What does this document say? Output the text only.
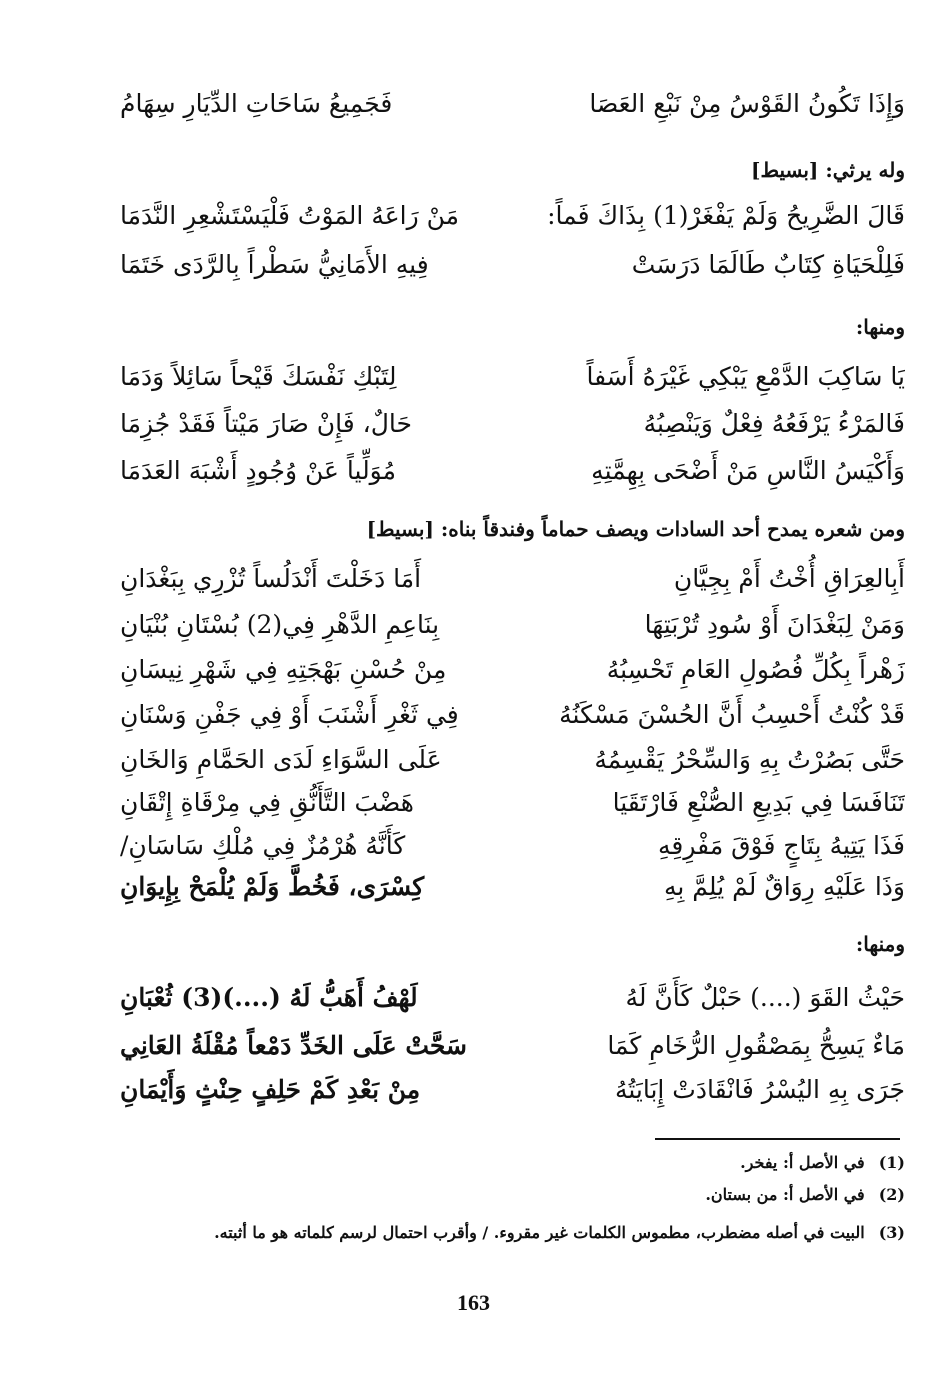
وَإِذَا تَكُونُ القَوْسُ مِنْ نَبْعِ العَصَا
فَجَمِيعُ سَاحَاتِ الدِّيَارِ سِهَامُ
وله يرثي: [بسيط]
قَالَ الضَّرِيحُ وَلَمْ يَفْغَرْ(1) بِذَاكَ فَماً:
مَنْ رَاعَهُ المَوْتُ فَلْيَسْتَشْعِرِ النَّدَمَا
فَلِلْحَيَاةِ كِتَابٌ طَالَمَا دَرَسَتْ
فِيهِ الأَمَانِيُّ سَطْراً بِالرَّدَى خَتَمَا
ومنها:
يَا سَاكِبَ الدَّمْعِ يَبْكِي غَيْرَهُ أَسَفاً
لِتَبْكِ نَفْسَكَ قَيْحاً سَائِلاً وَدَمَا
فَالمَرْءُ يَرْفَعُهُ فِعْلٌ وَيَنْصِبُهُ
حَالٌ، فَإِنْ صَارَ مَيْتاً فَقَدْ جُزِمَا
وَأَكْيَسُ النَّاسِ مَنْ أَضْحَى بِهِمَّتِهِ
مُوَلِّياً عَنْ وُجُودٍ أَشْبَهَ العَدَمَا
ومن شعره يمدح أحد السادات ويصف حماماً وفندقاً بناه: [بسيط]
أَبِالعِرَاقِ أُخْتُ أَمْ بِجِيَّانِ
أَمَا دَخَلْتَ أَنْدَلُساً تُزْرِي بِبَغْدَانِ
وَمَنْ لِبَغْدَانَ أَوْ سُودِ تُرْبَتِهَا
بِنَاعِمِ الدَّهْرِ فِي(2) بُسْتَانِ بُنْيَانِ
زَهْراً بِكُلِّ فُصُولِ العَامِ تَحْسِبُهُ
مِنْ حُسْنِ بَهْجَتِهِ فِي شَهْرِ نِيسَانِ
قَدْ كُنْتُ أَحْسِبُ أَنَّ الحُسْنَ مَسْكَنُهُ
فِي ثَغْرِ أَشْنَبَ أَوْ فِي جَفْنِ وَسْنَانِ
حَتَّى بَصُرْتُ بِهِ وَالسِّحْرُ يَقْسِمُهُ
عَلَى السَّوَاءِ لَدَى الحَمَّامِ وَالخَانِ
تَنَافَسَا فِي بَدِيعِ الصُّنْعِ فَارْتَقَيَا
هَضْبَ التَّأَنُّقِ فِي مِرْقَاةِ إِتْقَانِ
فَذَا يَتِيهُ بِتَاجٍ فَوْقَ مَفْرِقِهِ
كَأَنَّهُ هُرْمُزٌ فِي مُلْكِ سَاسَانِ/
وَذَا عَلَيْهِ رِوَاقٌ لَمْ يُلِمَّ بِهِ
كِسْرَى، فَخُطَّ وَلَمْ يُلْمَحْ بِإِيوَانِ
ومنها:
حَيْثُ القَوَ (....) حَبْلٌ كَأَنَّ لَهُ
لَهْفُ أَهَبُّ لَهُ (....)(3) ثُعْبَانِ
مَاءٌ يَسِحُّ بِمَصْقُولِ الرُّخَامِ كَمَا
سَحَّتْ عَلَى الخَدِّ دَمْعاً مُقْلَةُ العَانِي
جَرَى بِهِ اليُسْرُ فَانْقَادَتْ إِبَايَتُهُ
مِنْ بَعْدِ كَمْ حَلِفٍ حِنْثٍ وَأَيْمَانِ
(1)في الأصل أ: يفخر.
(2)في الأصل أ: من بستان.
(3)البيت في أصله مضطرب، مطموس الكلمات غير مقروء. / وأقرب احتمال لرسم كلماته هو ما أثبته.
163
